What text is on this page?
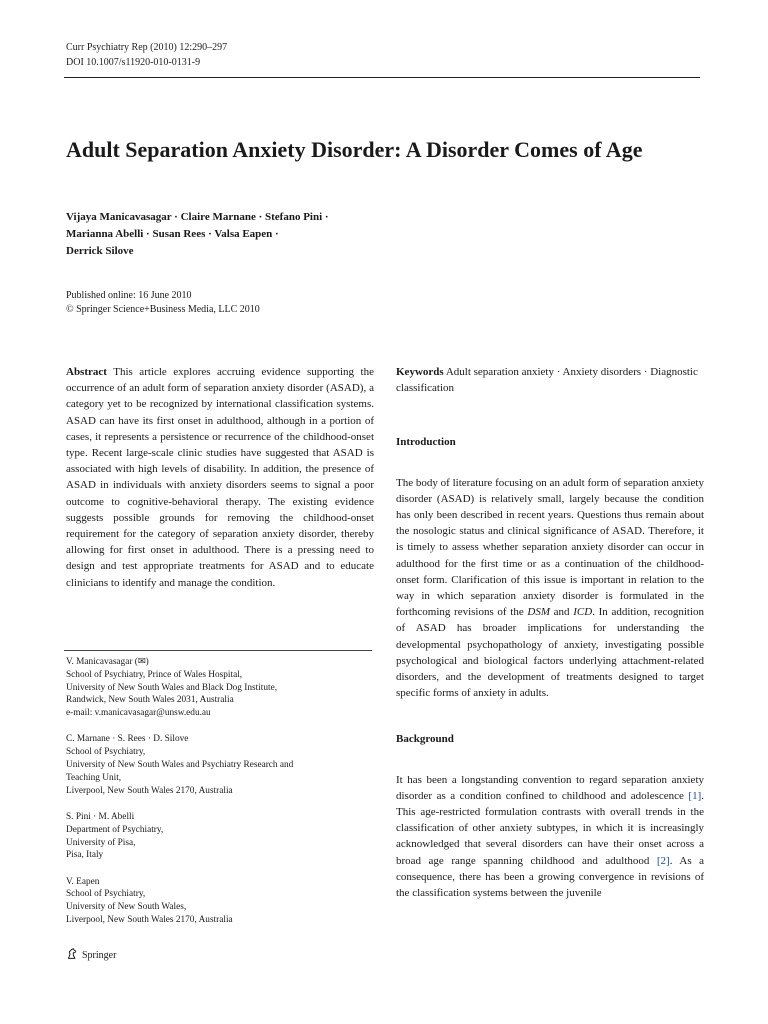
Curr Psychiatry Rep (2010) 12:290–297
DOI 10.1007/s11920-010-0131-9
Adult Separation Anxiety Disorder: A Disorder Comes of Age
Vijaya Manicavasagar · Claire Marnane · Stefano Pini ·
Marianna Abelli · Susan Rees · Valsa Eapen ·
Derrick Silove
Published online: 16 June 2010
© Springer Science+Business Media, LLC 2010

Abstract This article explores accruing evidence supporting the occurrence of an adult form of separation anxiety disorder (ASAD), a category yet to be recognized by international classification systems. ASAD can have its first onset in adulthood, although in a portion of cases, it represents a persistence or recurrence of the childhood-onset type. Recent large-scale clinic studies have suggested that ASAD is associated with high levels of disability. In addition, the presence of ASAD in individuals with anxiety disorders seems to signal a poor outcome to cognitive-behavioral therapy. The existing evidence suggests possible grounds for removing the childhood-onset requirement for the category of separation anxiety disorder, thereby allowing for first onset in adulthood. There is a pressing need to design and test appropriate treatments for ASAD and to educate clinicians to identify and manage the condition.

V. Manicavasagar (✉)
School of Psychiatry, Prince of Wales Hospital,
University of New South Wales and Black Dog Institute,
Randwick, New South Wales 2031, Australia
e-mail: v.manicavasagar@unsw.edu.au
C. Marnane · S. Rees · D. Silove
School of Psychiatry,
University of New South Wales and Psychiatry Research and
Teaching Unit,
Liverpool, New South Wales 2170, Australia
S. Pini · M. Abelli
Department of Psychiatry,
University of Pisa,
Pisa, Italy
V. Eapen
School of Psychiatry,
University of New South Wales,
Liverpool, New South Wales 2170, Australia

Keywords Adult separation anxiety · Anxiety disorders · Diagnostic classification

Introduction

The body of literature focusing on an adult form of separation anxiety disorder (ASAD) is relatively small, largely because the condition has only been described in recent years. Questions thus remain about the nosologic status and clinical significance of ASAD. Therefore, it is timely to assess whether separation anxiety disorder can occur in adulthood for the first time or as a continuation of the childhood-onset form. Clarification of this issue is important in relation to the way in which separation anxiety disorder is formulated in the forthcoming revisions of the DSM and ICD. In addition, recognition of ASAD has broader implications for understanding the developmental psychopathology of anxiety, investigating possible psychological and biological factors underlying attachment-related disorders, and the development of treatments designed to target specific forms of anxiety in adults.

Background

It has been a longstanding convention to regard separation anxiety disorder as a condition confined to childhood and adolescence [1]. This age-restricted formulation contrasts with overall trends in the classification of other anxiety subtypes, in which it is increasingly acknowledged that several disorders can have their onset across a broad age range spanning childhood and adulthood [2]. As a consequence, there has been a growing convergence in revisions of the classification systems between the juvenile

Springer
